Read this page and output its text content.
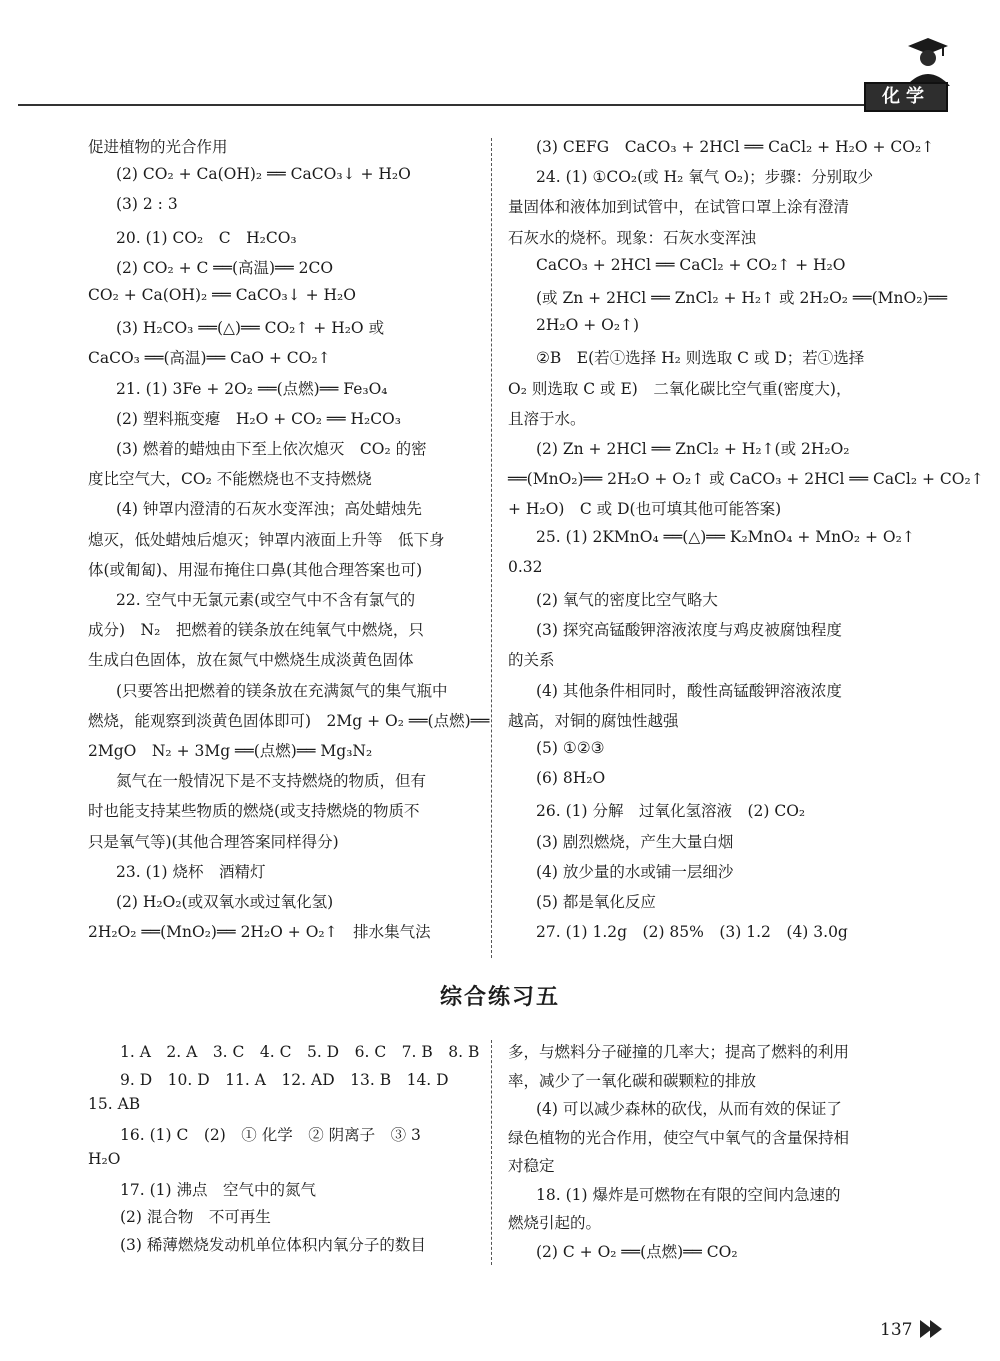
化学
促进植物的光合作用
(2) CO₂ + Ca(OH)₂ ══ CaCO₃↓ + H₂O
(3) 2 : 3
20. (1) CO₂　C　H₂CO₃
(2) CO₂ + C ══(高温)══ 2CO
CO₂ + Ca(OH)₂ ══ CaCO₃↓ + H₂O
(3) H₂CO₃ ══(△)══ CO₂↑ + H₂O 或
CaCO₃ ══(高温)══ CaO + CO₂↑
21. (1) 3Fe + 2O₂ ══(点燃)══ Fe₃O₄
(2) 塑料瓶变瘪　H₂O + CO₂ ══ H₂CO₃
(3) 燃着的蜡烛由下至上依次熄灭　CO₂ 的密
度比空气大，CO₂ 不能燃烧也不支持燃烧
(4) 钟罩内澄清的石灰水变浑浊；高处蜡烛先
熄灭，低处蜡烛后熄灭；钟罩内液面上升等　低下身
体(或匍匐)、用湿布掩住口鼻(其他合理答案也可)
22. 空气中无氯元素(或空气中不含有氯气的
成分)　N₂　把燃着的镁条放在纯氧气中燃烧，只
生成白色固体，放在氮气中燃烧生成淡黄色固体
(只要答出把燃着的镁条放在充满氮气的集气瓶中
燃烧，能观察到淡黄色固体即可)　2Mg + O₂ ══(点燃)══
2MgO　N₂ + 3Mg ══(点燃)══ Mg₃N₂
氮气在一般情况下是不支持燃烧的物质，但有
时也能支持某些物质的燃烧(或支持燃烧的物质不
只是氧气等)(其他合理答案同样得分)
23. (1) 烧杯　酒精灯
(2) H₂O₂(或双氧水或过氧化氢)
2H₂O₂ ══(MnO₂)══ 2H₂O + O₂↑　排水集气法
(3) CEFG　CaCO₃ + 2HCl ══ CaCl₂ + H₂O + CO₂↑
24. (1) ①CO₂(或 H₂ 氧气 O₂)；步骤：分别取少
量固体和液体加到试管中，在试管口罩上涂有澄清
石灰水的烧杯。现象：石灰水变浑浊
CaCO₃ + 2HCl ══ CaCl₂ + CO₂↑ + H₂O
(或 Zn + 2HCl ══ ZnCl₂ + H₂↑ 或 2H₂O₂ ══(MnO₂)══
2H₂O + O₂↑)
②B　E(若①选择 H₂ 则选取 C 或 D；若①选择
O₂ 则选取 C 或 E)　二氧化碳比空气重(密度大)，
且溶于水。
(2) Zn + 2HCl ══ ZnCl₂ + H₂↑(或 2H₂O₂
══(MnO₂)══ 2H₂O + O₂↑ 或 CaCO₃ + 2HCl ══ CaCl₂ + CO₂↑
+ H₂O)　C 或 D(也可填其他可能答案)
25. (1) 2KMnO₄ ══(△)══ K₂MnO₄ + MnO₂ + O₂↑
0.32
(2) 氧气的密度比空气略大
(3) 探究高锰酸钾溶液浓度与鸡皮被腐蚀程度
的关系
(4) 其他条件相同时，酸性高锰酸钾溶液浓度
越高，对铜的腐蚀性越强
(5) ①②③
(6) 8H₂O
26. (1) 分解　过氧化氢溶液　(2) CO₂
(3) 剧烈燃烧，产生大量白烟
(4) 放少量的水或铺一层细沙
(5) 都是氧化反应
27. (1) 1.2g　(2) 85%　(3) 1.2　(4) 3.0g
综合练习五
1. A　2. A　3. C　4. C　5. D　6. C　7. B　8. B
9. D　10. D　11. A　12. AD　13. B　14. D
15. AB
16. (1) C　(2)　① 化学　② 阴离子　③ 3
H₂O
17. (1) 沸点　空气中的氮气
(2) 混合物　不可再生
(3) 稀薄燃烧发动机单位体积内氧分子的数目
多，与燃料分子碰撞的几率大；提高了燃料的利用
率，减少了一氧化碳和碳颗粒的排放
(4) 可以减少森林的砍伐，从而有效的保证了
绿色植物的光合作用，使空气中氧气的含量保持相
对稳定
18. (1) 爆炸是可燃物在有限的空间内急速的
燃烧引起的。
(2) C + O₂ ══(点燃)══ CO₂
137
